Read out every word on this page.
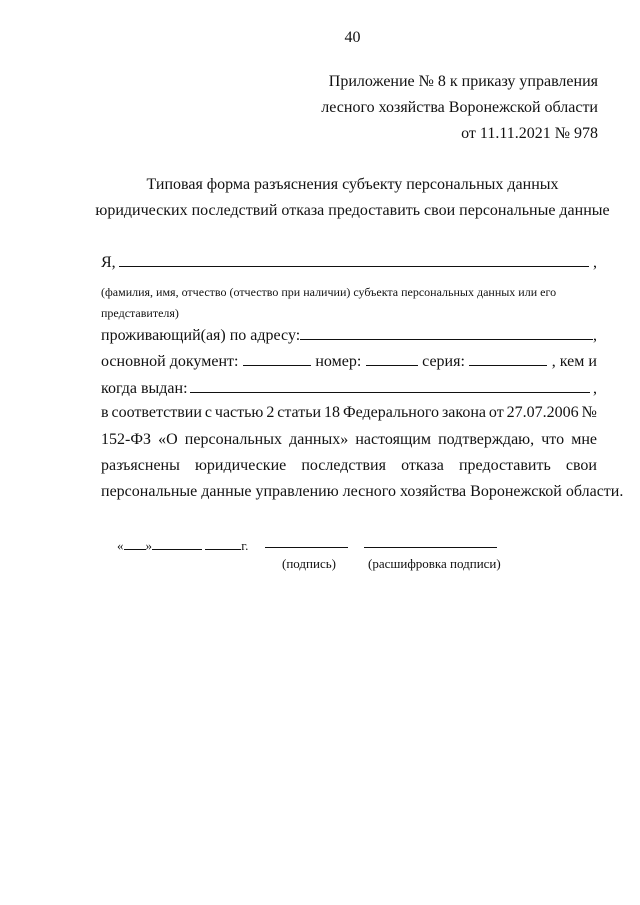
40
Приложение № 8 к приказу управления
лесного хозяйства Воронежской области
от 11.11.2021 № 978
Типовая форма разъяснения субъекту персональных данных
юридических последствий отказа предоставить свои персональные данные
Я,	,
(фамилия, имя, отчество (отчество при наличии) субъекта персональных данных или его
представителя)
проживающий(ая) по адресу:	,
основной документ:	номер:	серия:	, кем и
когда выдан:	,
в соответствии с частью 2 статьи 18 Федерального закона от 27.07.2006 №
152-ФЗ «О персональных данных» настоящим подтверждаю, что мне
разъяснены юридические последствия отказа предоставить свои
персональные данные управлению лесного хозяйства Воронежской области.
« »	г.
(подпись) (расшифровка подписи)
